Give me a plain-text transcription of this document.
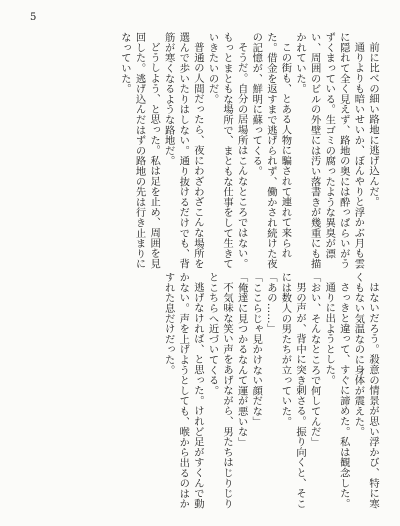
5

前に比べの細い路地に逃げ込んだ。

通りよりも暗いせいか、ぼんやりと浮かぶ月も雲に隠れて全く見えず、路地の奥には酔っぱらいがうずくまっている。生ゴミの腐ったような異臭が漂い、周囲のビルの外壁には汚い落書きが幾重にも描かれていた。

この街も、とある人物に騙されて連れて来られた。借金を返すまで逃げられず、働かされ続けた夜の記憶が、鮮明に蘇ってくる。

そうだ。自分の居場所はこんなところではない。もっとまともな場所で、まともな仕事をして生きていきたいのだ。

普通の人間だったら、夜にわざわざこんな場所を選んで歩いたりはしない。通り抜けるだけでも、背筋が寒くなるような路地だ。

どうしよう、と思った。私は足を止め、周囲を見回した。逃げ込んだはずの路地の先は行き止まりになっていた。

はないだろう。殺意の情景が思い浮かび、特に寒くもない気温なのに身体が震えた。

さっきと違って、すぐに諦めた。私は観念した。

通りに出ようとした。

「おい、そんなところで何してんだ」

男の声が、背中に突き刺さる。振り向くと、そこには数人の男たちが立っていた。

「あの……」

「ここらじゃ見かけない顔だな」

「俺達に見つかるなんて運が悪いな」

不気味な笑い声をあげながら、男たちはじりじりとこちらへ近づいてくる。

逃げなければ、と思った。けれど足がすくんで動かない。声を上げようとしても、喉から出るのはかすれた息だけだった。
